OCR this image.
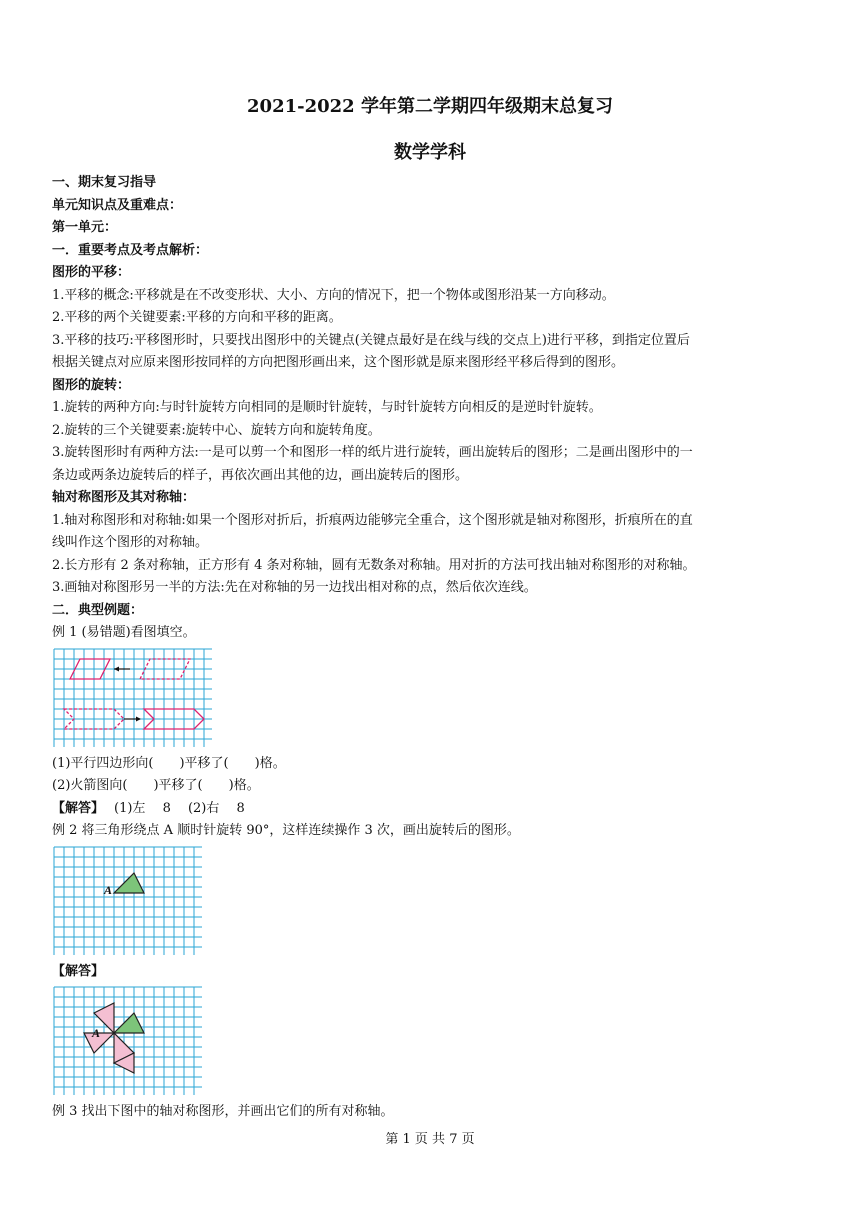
2021-2022 学年第二学期四年级期末总复习
数学学科
一、期末复习指导
单元知识点及重难点：
第一单元：
一．重要考点及考点解析：
图形的平移：
1.平移的概念:平移就是在不改变形状、大小、方向的情况下，把一个物体或图形沿某一方向移动。
2.平移的两个关键要素:平移的方向和平移的距离。
3.平移的技巧:平移图形时，只要找出图形中的关键点(关键点最好是在线与线的交点上)进行平移，到指定位置后
根据关键点对应原来图形按同样的方向把图形画出来，这个图形就是原来图形经平移后得到的图形。
图形的旋转：
1.旋转的两种方向:与时针旋转方向相同的是顺时针旋转，与时针旋转方向相反的是逆时针旋转。
2.旋转的三个关键要素:旋转中心、旋转方向和旋转角度。
3.旋转图形时有两种方法:一是可以剪一个和图形一样的纸片进行旋转，画出旋转后的图形；二是画出图形中的一
条边或两条边旋转后的样子，再依次画出其他的边，画出旋转后的图形。
轴对称图形及其对称轴：
1.轴对称图形和对称轴:如果一个图形对折后，折痕两边能够完全重合，这个图形就是轴对称图形，折痕所在的直
线叫作这个图形的对称轴。
2.长方形有 2 条对称轴，正方形有 4 条对称轴，圆有无数条对称轴。用对折的方法可找出轴对称图形的对称轴。
3.画轴对称图形另一半的方法:先在对称轴的另一边找出相对称的点，然后依次连线。
二．典型例题：
例 1 (易错题)看图填空。
(1)平行四边形向(　　)平移了(　　)格。
(2)火箭图向(　　)平移了(　　)格。
【解答】 (1)左　 8　 (2)右　 8
例 2 将三角形绕点 A 顺时针旋转 90°，这样连续操作 3 次，画出旋转后的图形。
A
【解答】
A
例 3 找出下图中的轴对称图形，并画出它们的所有对称轴。
第 1 页 共 7 页
